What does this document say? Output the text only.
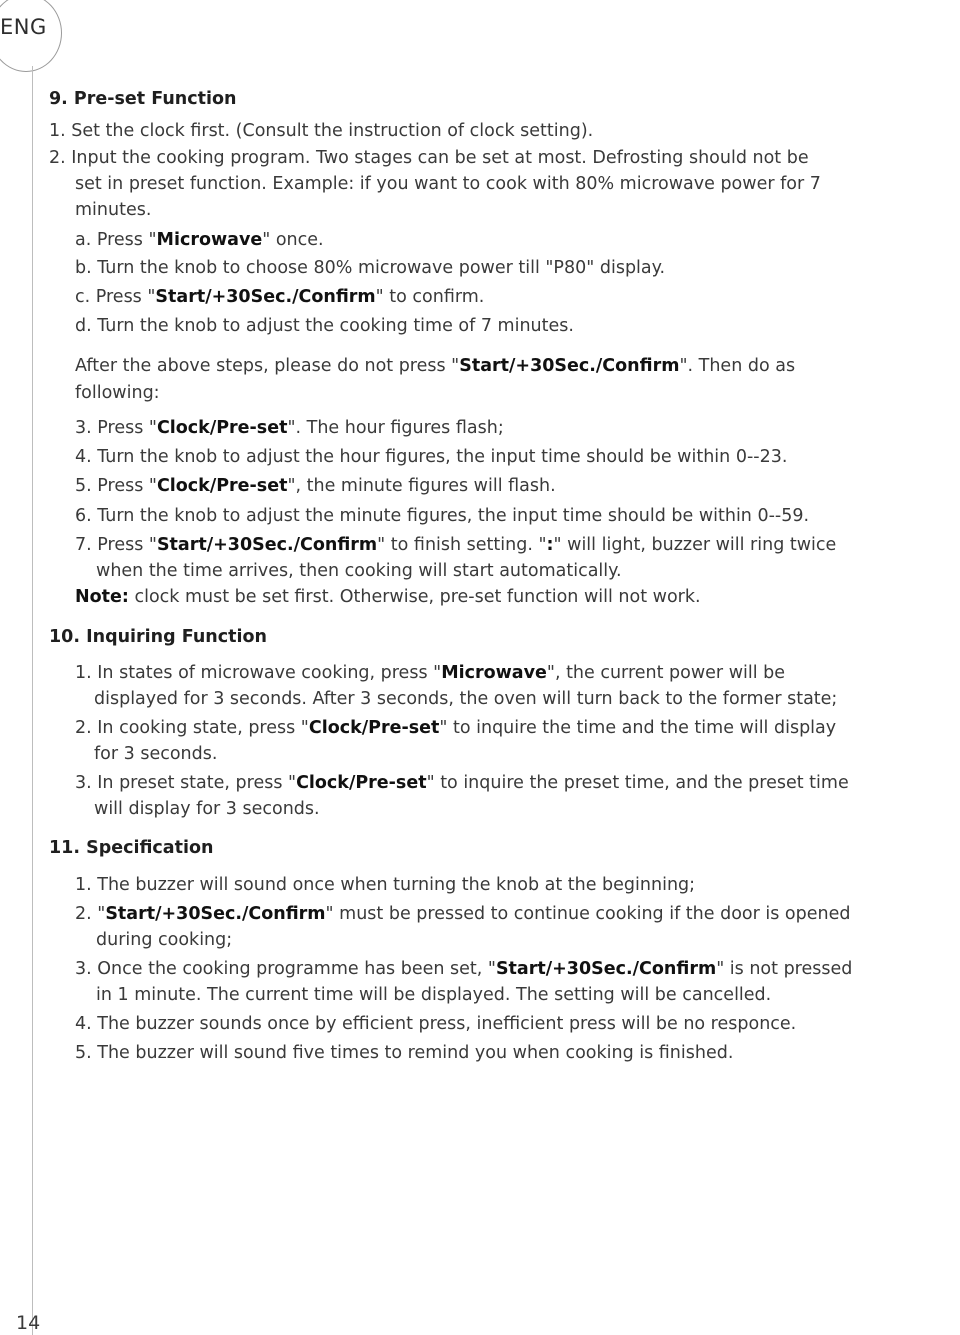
ENG
9. Pre-set Function
1. Set the clock first. (Consult the instruction of clock setting).
2. Input the cooking program. Two stages can be set at most. Defrosting should not be
set in preset function. Example: if you want to cook with 80% microwave power for 7
minutes.
a. Press "Microwave" once.
b. Turn the knob to choose 80% microwave power till "P80" display.
c. Press "Start/+30Sec./Confirm" to confirm.
d. Turn the knob to adjust the cooking time of 7 minutes.
After the above steps, please do not press "Start/+30Sec./Confirm". Then do as
following:
3. Press "Clock/Pre-set". The hour figures flash;
4. Turn the knob to adjust the hour figures, the input time should be within 0--23.
5. Press "Clock/Pre-set", the minute figures will flash.
6. Turn the knob to adjust the minute figures, the input time should be within 0--59.
7. Press "Start/+30Sec./Confirm" to finish setting. ":" will light, buzzer will ring twice
when the time arrives, then cooking will start automatically.
Note: clock must be set first. Otherwise, pre-set function will not work.
10. Inquiring Function
1. In states of microwave cooking, press "Microwave", the current power will be
displayed for 3 seconds. After 3 seconds, the oven will turn back to the former state;
2. In cooking state, press "Clock/Pre-set" to inquire the time and the time will display
for 3 seconds.
3. In preset state, press "Clock/Pre-set" to inquire the preset time, and the preset time
will display for 3 seconds.
11. Specification
1. The buzzer will sound once when turning the knob at the beginning;
2. "Start/+30Sec./Confirm" must be pressed to continue cooking if the door is opened
during cooking;
3. Once the cooking programme has been set, "Start/+30Sec./Confirm" is not pressed
in 1 minute. The current time will be displayed. The setting will be cancelled.
4. The buzzer sounds once by efficient press, inefficient press will be no responce.
5. The buzzer will sound five times to remind you when cooking is finished.
14
